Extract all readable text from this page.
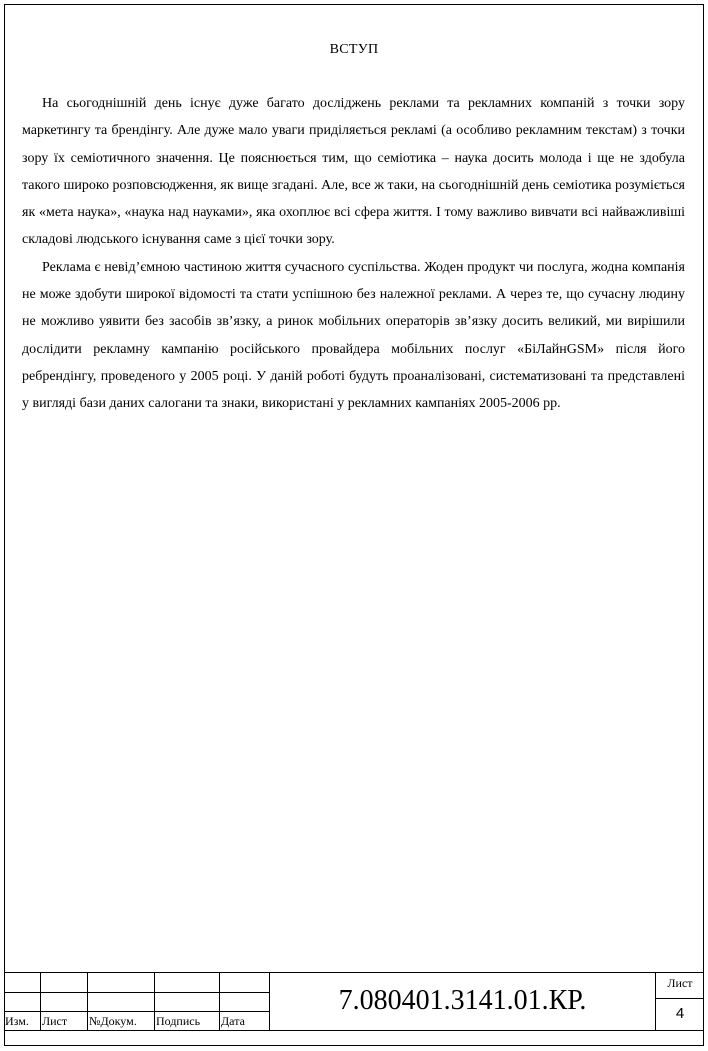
ВСТУП

На сьогоднішній день існує дуже багато досліджень реклами та рекламних компаній з точки зору маркетингу та брендінгу. Але дуже мало уваги приділяється рекламі (а особливо рекламним текстам) з точки зору їх семіотичного значення. Це пояснюється тим, що семіотика – наука досить молода і ще не здобула такого широко розповсюдження, як вище згадані. Але, все ж таки, на сьогоднішній день семіотика розуміється як «мета наука», «наука над науками», яка охоплює всі сфера життя. І тому важливо вивчати всі найважливіші складові людського існування саме з цієї точки зору.

Реклама є невід’ємною частиною життя сучасного суспільства. Жоден продукт чи послуга, жодна компанія не може здобути широкої відомості та стати успішною без належної реклами. А через те, що сучасну людину не можливо уявити без засобів зв’язку, а ринок мобільних операторів зв’язку досить великий, ми вирішили дослідити рекламну кампанію російського провайдера мобільних послуг «БіЛайнGSM» після його ребрендінгу, проведеного у 2005 році. У даній роботі будуть проаналізовані, систематизовані та представлені у вигляді бази даних салогани та знаки, використані у рекламних кампаніях 2005-2006 рр.

Изм. Лист №Докум. Подпись Дата
7.080401.3141.01.КР.
Лист
4
